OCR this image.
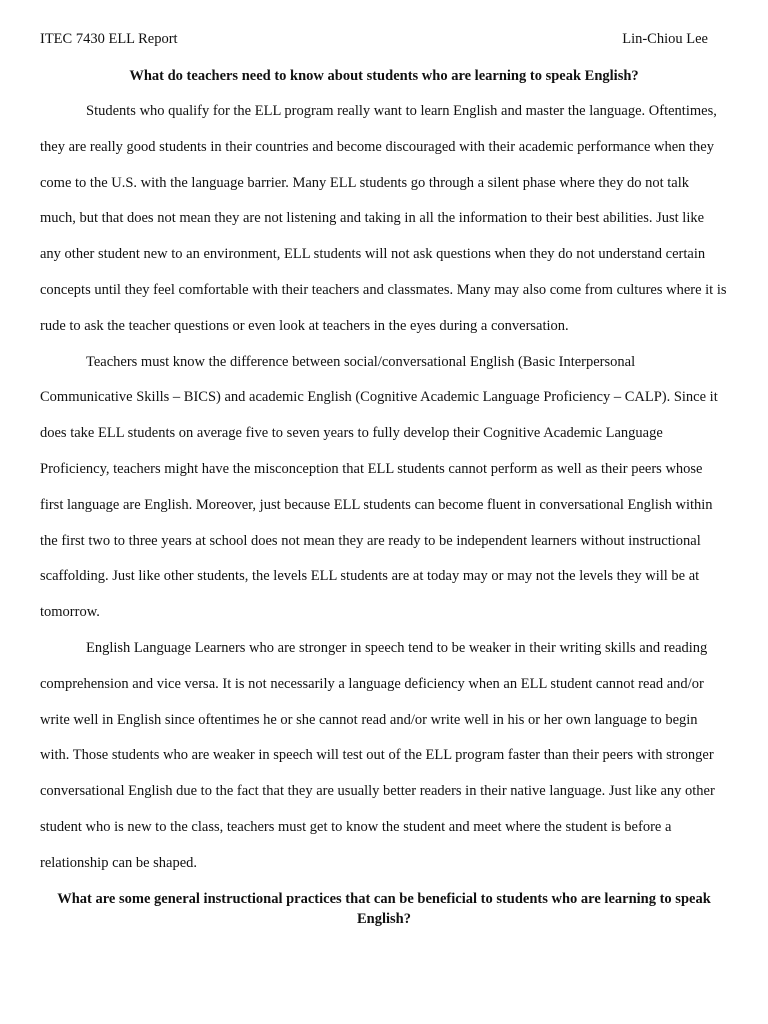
ITEC 7430 ELL Report	Lin-Chiou Lee

What do teachers need to know about students who are learning to speak English?

Students who qualify for the ELL program really want to learn English and master the language. Oftentimes, they are really good students in their countries and become discouraged with their academic performance when they come to the U.S. with the language barrier. Many ELL students go through a silent phase where they do not talk much, but that does not mean they are not listening and taking in all the information to their best abilities. Just like any other student new to an environment, ELL students will not ask questions when they do not understand certain concepts until they feel comfortable with their teachers and classmates. Many may also come from cultures where it is rude to ask the teacher questions or even look at teachers in the eyes during a conversation.

Teachers must know the difference between social/conversational English (Basic Interpersonal Communicative Skills – BICS) and academic English (Cognitive Academic Language Proficiency – CALP). Since it does take ELL students on average five to seven years to fully develop their Cognitive Academic Language Proficiency, teachers might have the misconception that ELL students cannot perform as well as their peers whose first language are English. Moreover, just because ELL students can become fluent in conversational English within the first two to three years at school does not mean they are ready to be independent learners without instructional scaffolding. Just like other students, the levels ELL students are at today may or may not the levels they will be at tomorrow.

English Language Learners who are stronger in speech tend to be weaker in their writing skills and reading comprehension and vice versa. It is not necessarily a language deficiency when an ELL student cannot read and/or write well in English since oftentimes he or she cannot read and/or write well in his or her own language to begin with. Those students who are weaker in speech will test out of the ELL program faster than their peers with stronger conversational English due to the fact that they are usually better readers in their native language. Just like any other student who is new to the class, teachers must get to know the student and meet where the student is before a relationship can be shaped.

What are some general instructional practices that can be beneficial to students who are learning to speak English?
